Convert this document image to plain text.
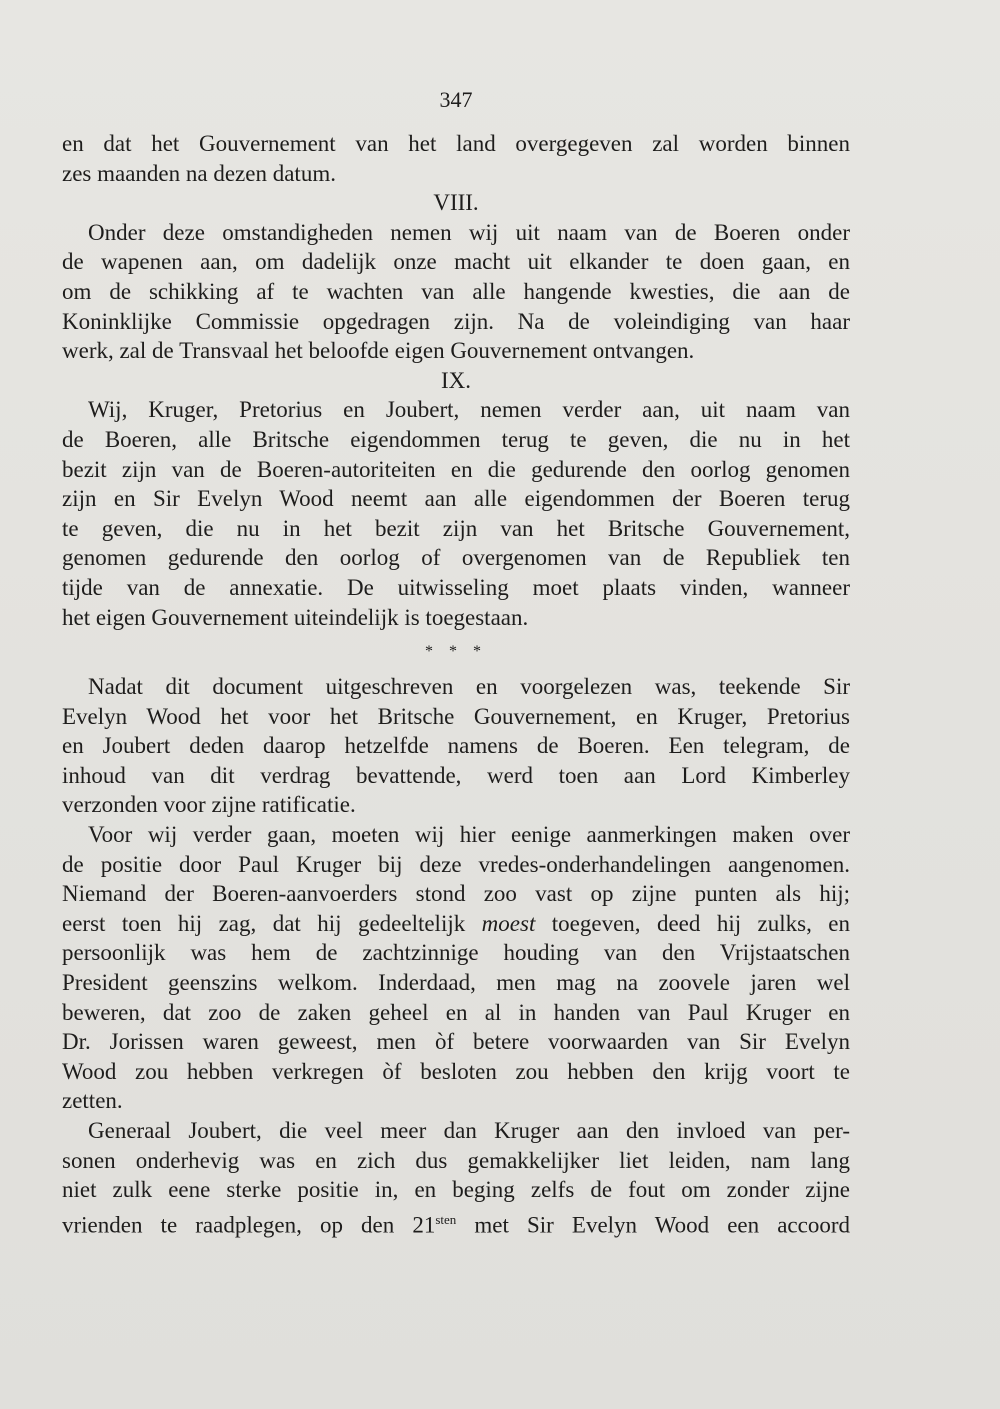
347
en dat het Gouvernement van het land overgegeven zal worden binnen
zes maanden na dezen datum.
VIII.
Onder deze omstandigheden nemen wij uit naam van de Boeren onder
de wapenen aan, om dadelijk onze macht uit elkander te doen gaan, en
om de schikking af te wachten van alle hangende kwesties, die aan de
Koninklijke Commissie opgedragen zijn. Na de voleindiging van haar
werk, zal de Transvaal het beloofde eigen Gouvernement ontvangen.
IX.
Wij, Kruger, Pretorius en Joubert, nemen verder aan, uit naam van
de Boeren, alle Britsche eigendommen terug te geven, die nu in het
bezit zijn van de Boeren-autoriteiten en die gedurende den oorlog genomen
zijn en Sir Evelyn Wood neemt aan alle eigendommen der Boeren terug
te geven, die nu in het bezit zijn van het Britsche Gouvernement,
genomen gedurende den oorlog of overgenomen van de Republiek ten
tijde van de annexatie. De uitwisseling moet plaats vinden, wanneer
het eigen Gouvernement uiteindelijk is toegestaan.
* * *
Nadat dit document uitgeschreven en voorgelezen was, teekende Sir
Evelyn Wood het voor het Britsche Gouvernement, en Kruger, Pretorius
en Joubert deden daarop hetzelfde namens de Boeren. Een telegram, de
inhoud van dit verdrag bevattende, werd toen aan Lord Kimberley
verzonden voor zijne ratificatie.
Voor wij verder gaan, moeten wij hier eenige aanmerkingen maken over
de positie door Paul Kruger bij deze vredes-onderhandelingen aangenomen.
Niemand der Boeren-aanvoerders stond zoo vast op zijne punten als hij;
eerst toen hij zag, dat hij gedeeltelijk moest toegeven, deed hij zulks, en
persoonlijk was hem de zachtzinnige houding van den Vrijstaatschen
President geenszins welkom. Inderdaad, men mag na zoovele jaren wel
beweren, dat zoo de zaken geheel en al in handen van Paul Kruger en
Dr. Jorissen waren geweest, men òf betere voorwaarden van Sir Evelyn
Wood zou hebben verkregen òf besloten zou hebben den krijg voort te
zetten.
Generaal Joubert, die veel meer dan Kruger aan den invloed van per-
sonen onderhevig was en zich dus gemakkelijker liet leiden, nam lang
niet zulk eene sterke positie in, en beging zelfs de fout om zonder zijne
vrienden te raadplegen, op den $21^{sten}$ met Sir Evelyn Wood een accoord
